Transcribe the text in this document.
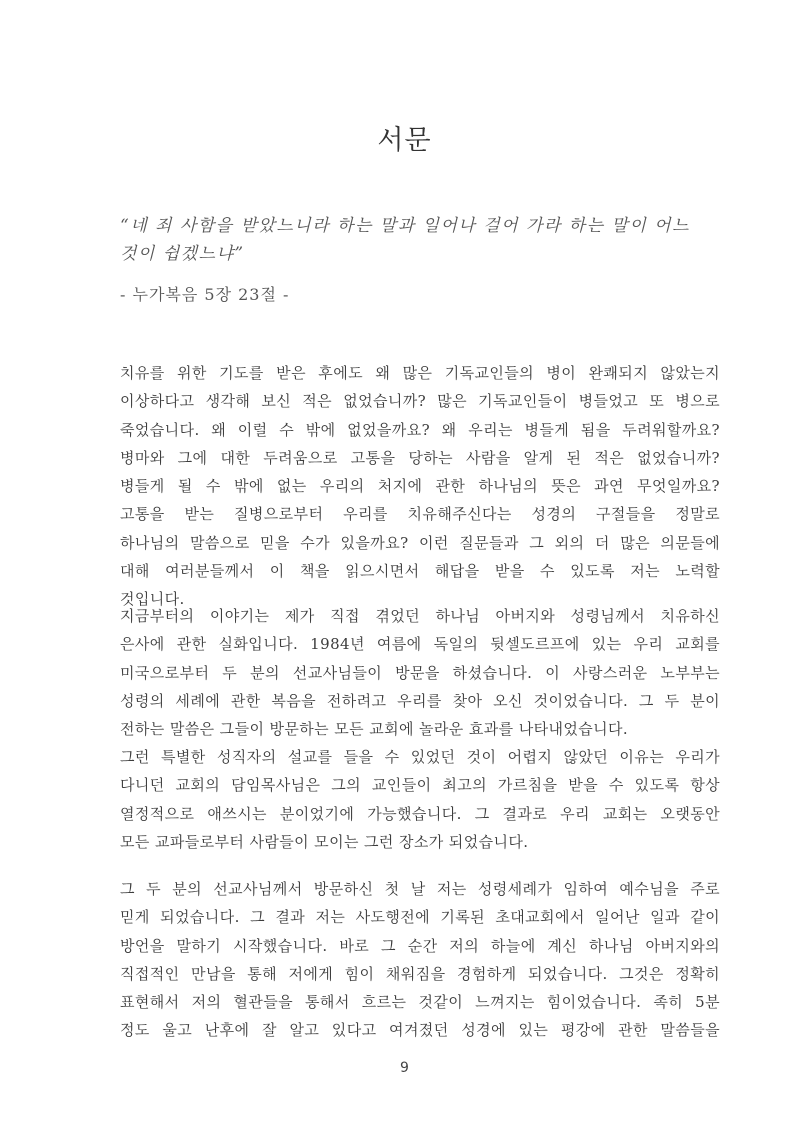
서문
“네 죄 사함을 받았느니라 하는 말과 일어나 걸어 가라 하는 말이 어느
것이 쉽겠느냐”
- 누가복음 5장 23절 -
치유를 위한 기도를 받은 후에도 왜 많은 기독교인들의 병이 완쾌되지 않았는지
이상하다고 생각해 보신 적은 없었습니까? 많은 기독교인들이 병들었고 또 병으로
죽었습니다. 왜 이럴 수 밖에 없었을까요? 왜 우리는 병들게 됨을 두려워할까요?
병마와 그에 대한 두려움으로 고통을 당하는 사람을 알게 된 적은 없었습니까?
병들게 될 수 밖에 없는 우리의 처지에 관한 하나님의 뜻은 과연 무엇일까요?
고통을 받는 질병으로부터 우리를 치유해주신다는 성경의 구절들을 정말로
하나님의 말씀으로 믿을 수가 있을까요? 이런 질문들과 그 외의 더 많은 의문들에
대해 여러분들께서 이 책을 읽으시면서 해답을 받을 수 있도록 저는 노력할
것입니다.
지금부터의 이야기는 제가 직접 겪었던 하나님 아버지와 성령님께서 치유하신
은사에 관한 실화입니다. 1984년 여름에 독일의 뒷셀도르프에 있는 우리 교회를
미국으로부터 두 분의 선교사님들이 방문을 하셨습니다. 이 사랑스러운 노부부는
성령의 세례에 관한 복음을 전하려고 우리를 찾아 오신 것이었습니다. 그 두 분이
전하는 말씀은 그들이 방문하는 모든 교회에 놀라운 효과를 나타내었습니다.
그런 특별한 성직자의 설교를 들을 수 있었던 것이 어렵지 않았던 이유는 우리가
다니던 교회의 담임목사님은 그의 교인들이 최고의 가르침을 받을 수 있도록 항상
열정적으로 애쓰시는 분이었기에 가능했습니다. 그 결과로 우리 교회는 오랫동안
모든 교파들로부터 사람들이 모이는 그런 장소가 되었습니다.
그 두 분의 선교사님께서 방문하신 첫 날 저는 성령세례가 임하여 예수님을 주로
믿게 되었습니다. 그 결과 저는 사도행전에 기록된 초대교회에서 일어난 일과 같이
방언을 말하기 시작했습니다. 바로 그 순간 저의 하늘에 계신 하나님 아버지와의
직접적인 만남을 통해 저에게 힘이 채워짐을 경험하게 되었습니다. 그것은 정확히
표현해서 저의 혈관들을 통해서 흐르는 것같이 느껴지는 힘이었습니다. 족히 5분
정도 울고 난후에 잘 알고 있다고 여겨졌던 성경에 있는 평강에 관한 말씀들을
9
